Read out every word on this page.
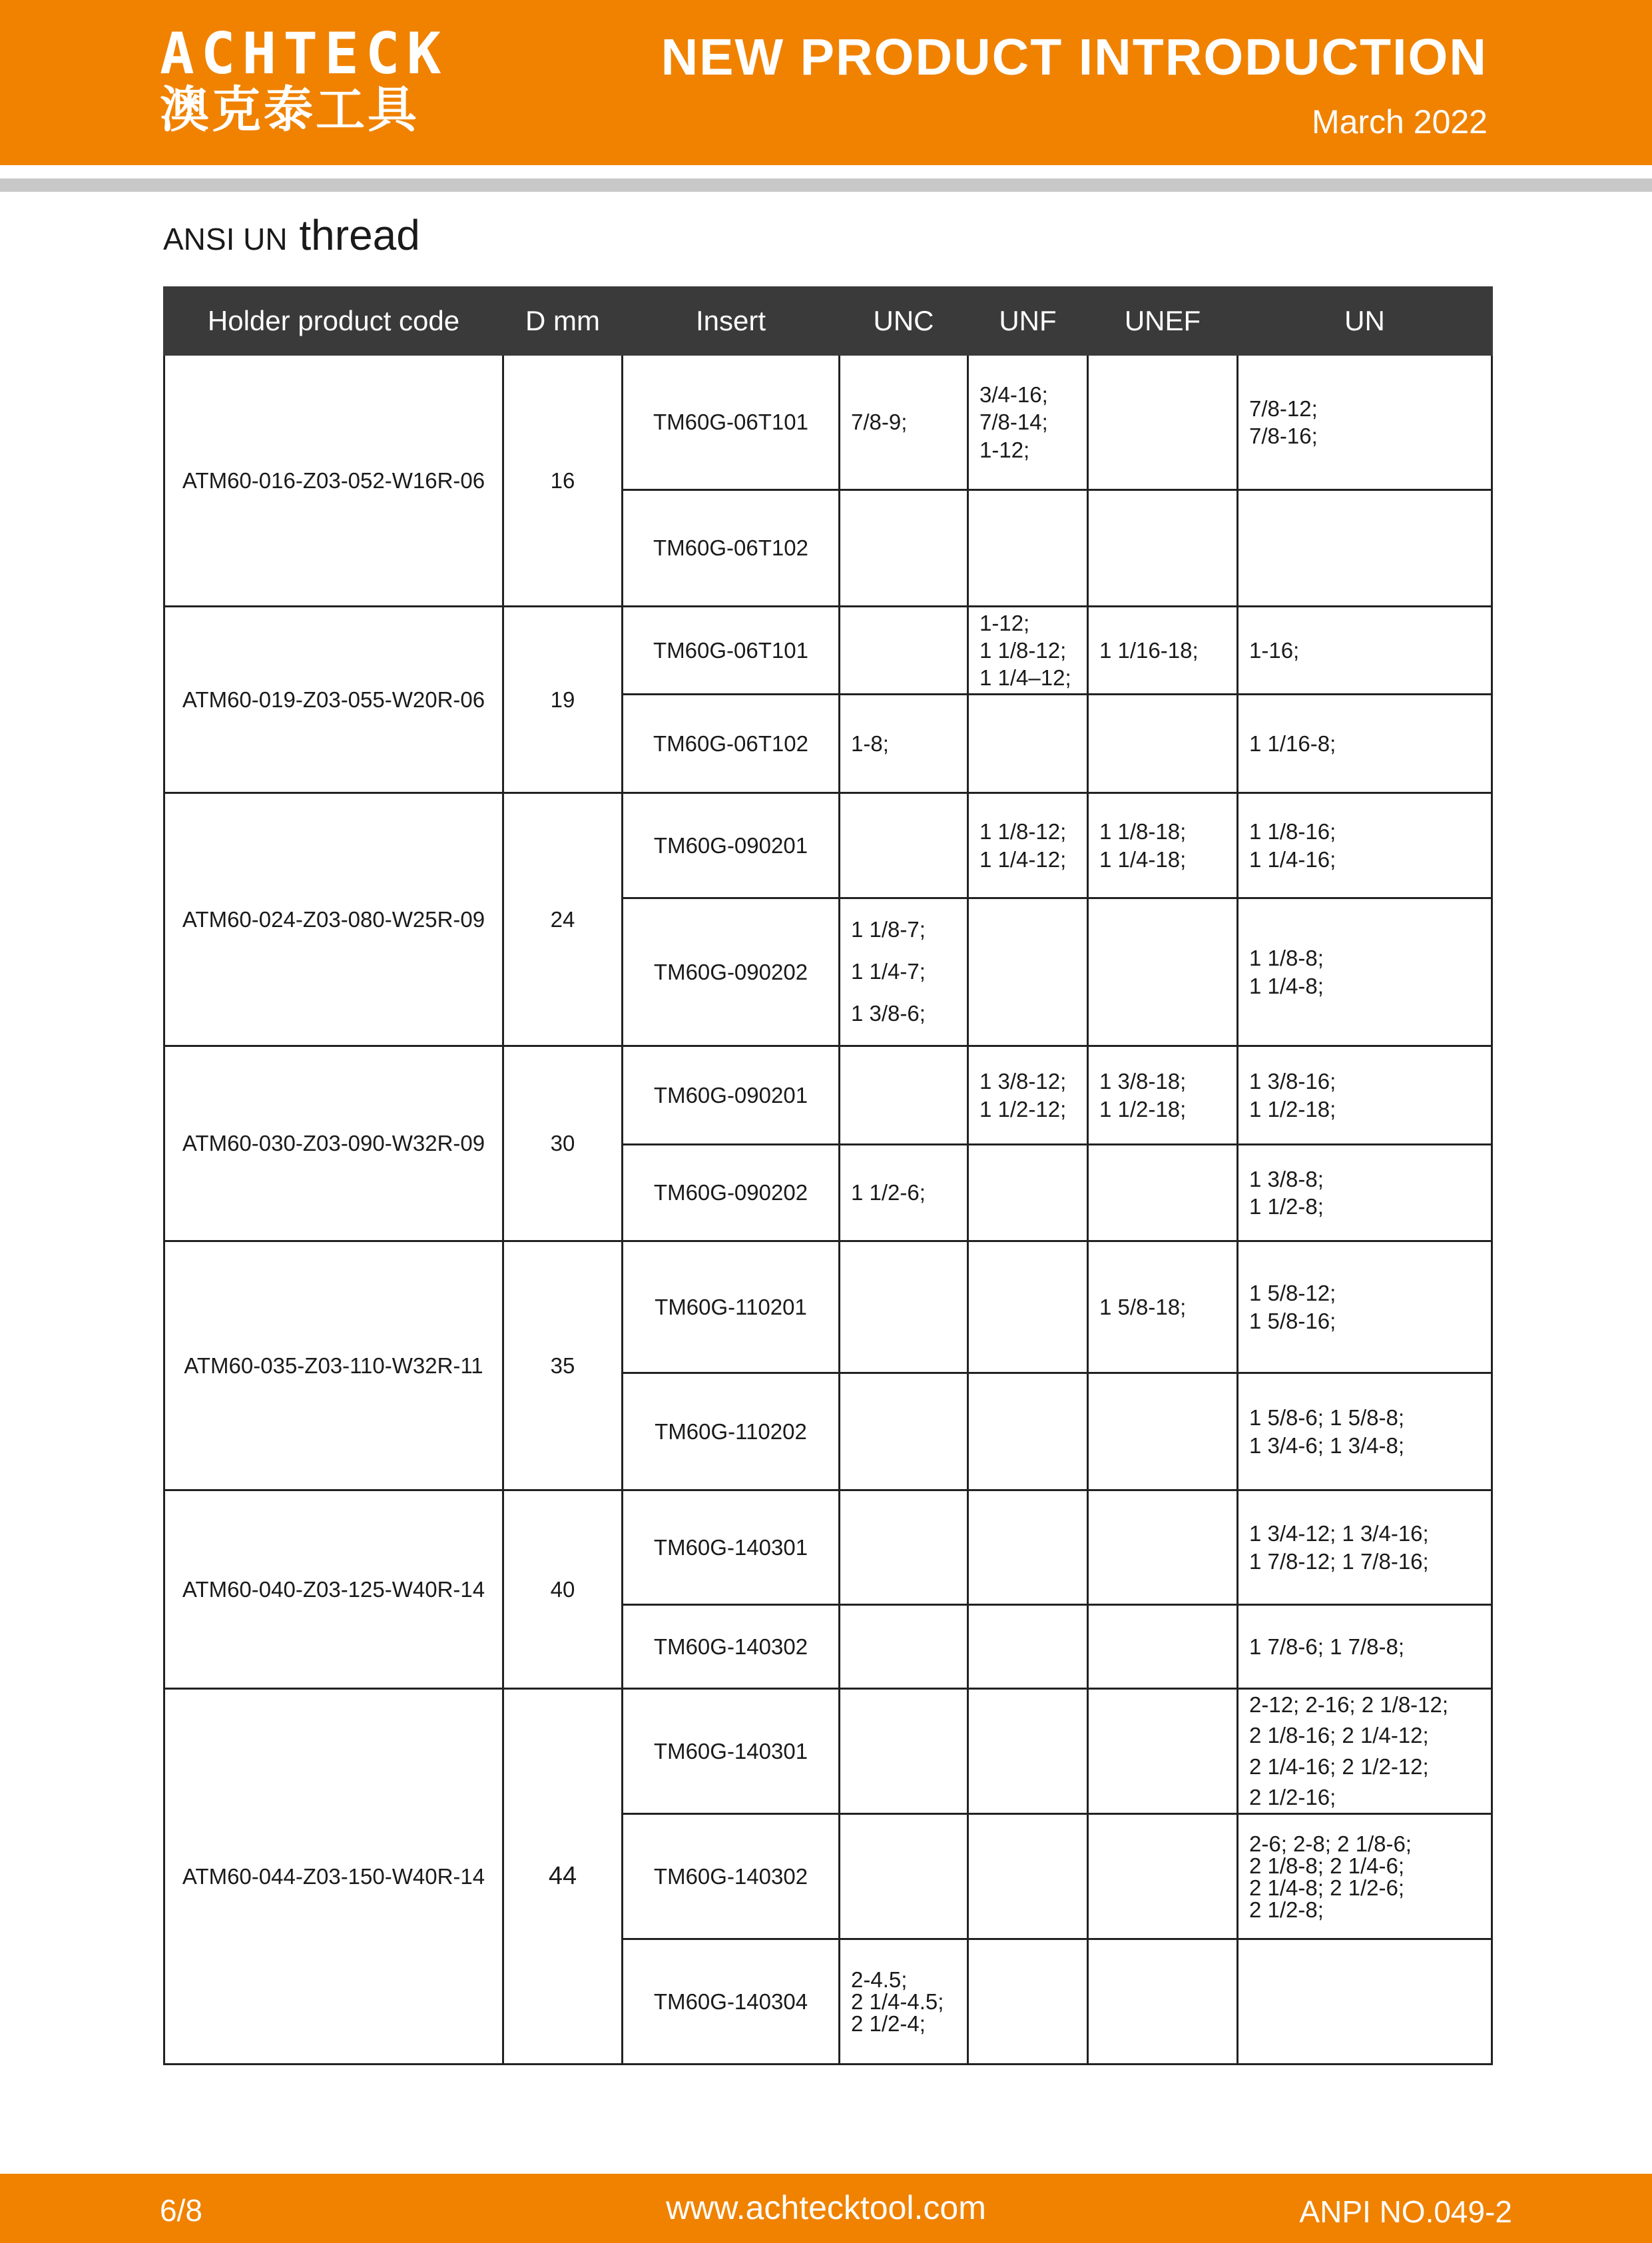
ACHTECK
澳克泰工具
NEW PRODUCT INTRODUCTION
March 2022
ANSI UN thread
Holder product code	D mm	Insert	UNC	UNF	UNEF	UN
ATM60-016-Z03-052-W16R-06	16	TM60G-06T101	7/8-9;	3/4-16;
7/8-14;
1-12;		7/8-12;
7/8-16;

		TM60G-06T102	

ATM60-019-Z03-055-W20R-06	19	TM60G-06T101		1-12;
1 1/8-12;
1 1/4–12;	1 1/16-18;	1-16;

		TM60G-06T102	1-8;			1 1/16-8;

ATM60-024-Z03-080-W25R-09	24	TM60G-090201		1 1/8-12;
1 1/4-12;	1 1/8-18;
1 1/4-18;	1 1/8-16;
1 1/4-16;

		TM60G-090202	1 1/8-7;
1 1/4-7;
1 3/8-6;			1 1/8-8;
1 1/4-8;

ATM60-030-Z03-090-W32R-09	30	TM60G-090201		1 3/8-12;
1 1/2-12;	1 3/8-18;
1 1/2-18;	1 3/8-16;
1 1/2-18;

		TM60G-090202	1 1/2-6;			1 3/8-8;
1 1/2-8;

ATM60-035-Z03-110-W32R-11	35	TM60G-110201			1 5/8-18;	1 5/8-12;
1 5/8-16;

		TM60G-110202				1 5/8-6; 1 5/8-8;
1 3/4-6; 1 3/4-8;

ATM60-040-Z03-125-W40R-14	40	TM60G-140301				1 3/4-12; 1 3/4-16;
1 7/8-12; 1 7/8-16;

		TM60G-140302				1 7/8-6; 1 7/8-8;

ATM60-044-Z03-150-W40R-14	44	TM60G-140301				2-12; 2-16; 2 1/8-12;
2 1/8-16; 2 1/4-12;
2 1/4-16; 2 1/2-12;
2 1/2-16;

		TM60G-140302				2-6; 2-8; 2 1/8-6;
2 1/8-8; 2 1/4-6;
2 1/4-8; 2 1/2-6;
2 1/2-8;

		TM60G-140304	2-4.5;
2 1/4-4.5;
2 1/2-4;			

6/8	www.achtecktool.com	ANPI NO.049-2
